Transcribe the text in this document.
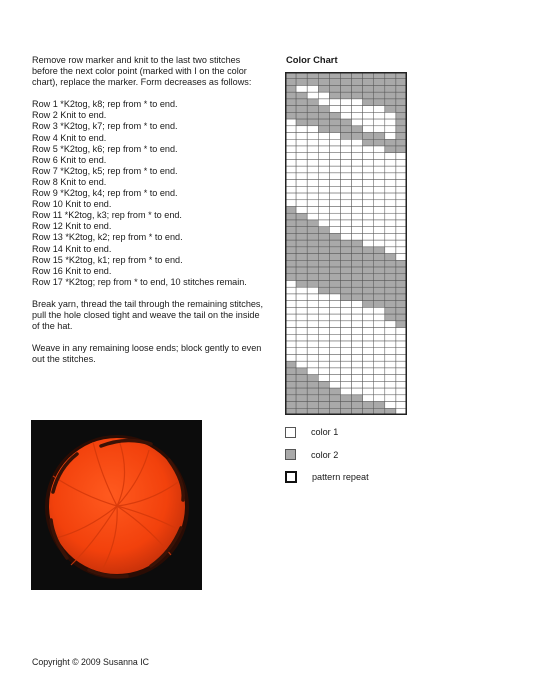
Remove row marker and knit to the last two stitches before the next color point (marked with I on the color chart), replace the marker. Form decreases as follows:

Row 1 *K2tog, k8; rep from * to end.
Row 2 Knit to end.
Row 3 *K2tog, k7; rep from * to end.
Row 4 Knit to end.
Row 5 *K2tog, k6; rep from * to end.
Row 6 Knit to end.
Row 7 *K2tog, k5; rep from * to end.
Row 8 Knit to end.
Row 9 *K2tog, k4; rep from * to end.
Row 10 Knit to end.
Row 11 *K2tog, k3; rep from * to end.
Row 12 Knit to end.
Row 13 *K2tog, k2; rep from * to end.
Row 14 Knit to end.
Row 15 *K2tog, k1; rep from * to end.
Row 16 Knit to end.
Row 17 *K2tog; rep from * to end, 10 stitches remain.

Break yarn, thread the tail through the remaining stitches, pull the hole closed tight and weave the tail on the inside of the hat.

Weave in any remaining loose ends; block gently to even out the stitches.

Color Chart
color 1
color 2
pattern repeat
Copyright © 2009 Susanna IC
